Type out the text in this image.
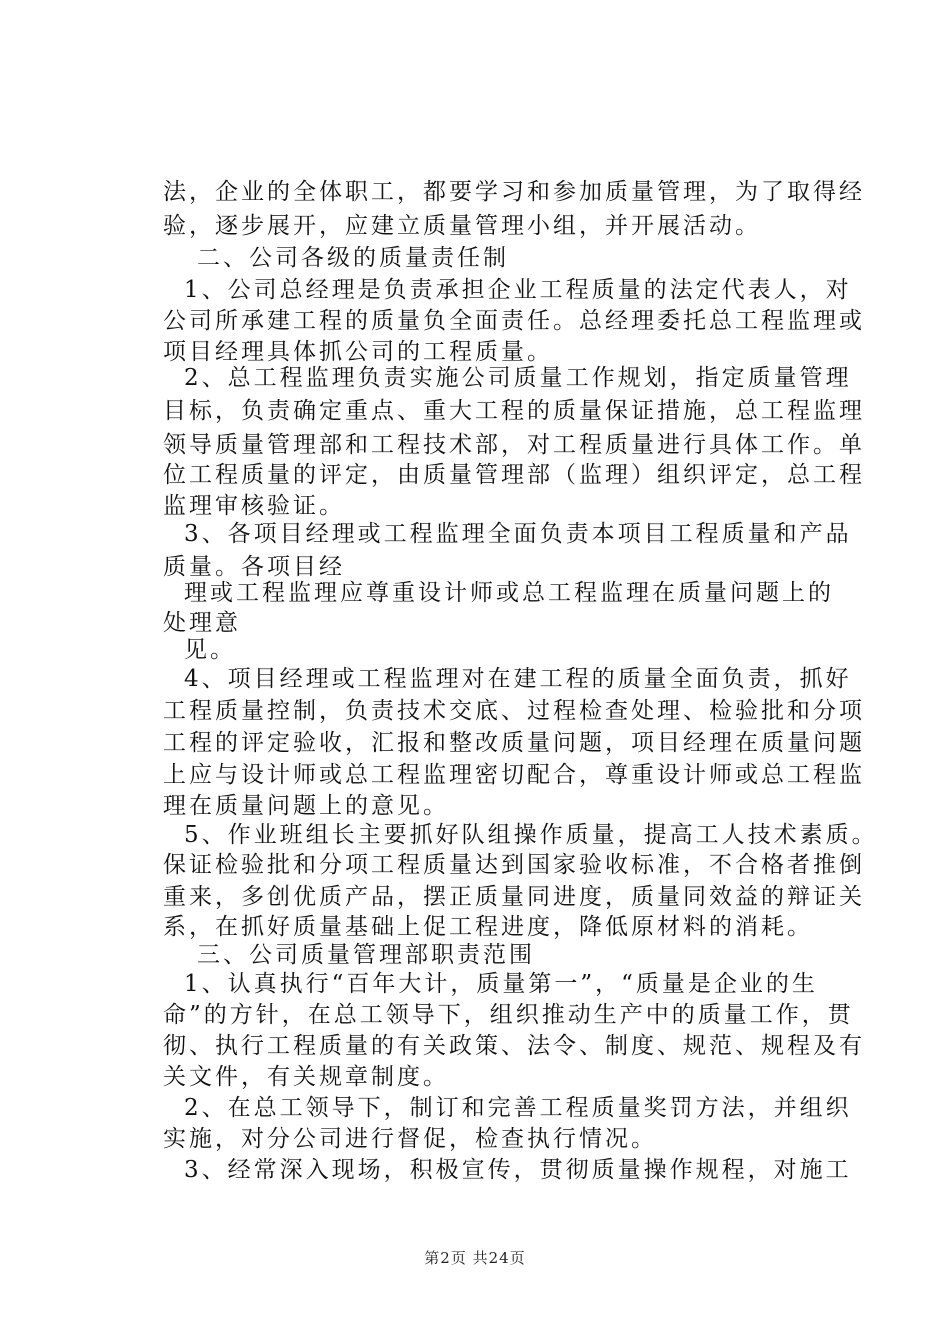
法，企业的全体职工，都要学习和参加质量管理，为了取得经
验，逐步展开，应建立质量管理小组，并开展活动。
二、公司各级的质量责任制
1、公司总经理是负责承担企业工程质量的法定代表人，对
公司所承建工程的质量负全面责任。总经理委托总工程监理或
项目经理具体抓公司的工程质量。
2、总工程监理负责实施公司质量工作规划，指定质量管理
目标，负责确定重点、重大工程的质量保证措施，总工程监理
领导质量管理部和工程技术部，对工程质量进行具体工作。单
位工程质量的评定，由质量管理部（监理）组织评定，总工程
监理审核验证。
3、各项目经理或工程监理全面负责本项目工程质量和产品
质量。各项目经
理或工程监理应尊重设计师或总工程监理在质量问题上的
处理意
见。
4、项目经理或工程监理对在建工程的质量全面负责，抓好
工程质量控制，负责技术交底、过程检查处理、检验批和分项
工程的评定验收，汇报和整改质量问题，项目经理在质量问题
上应与设计师或总工程监理密切配合，尊重设计师或总工程监
理在质量问题上的意见。
5、作业班组长主要抓好队组操作质量，提高工人技术素质。
保证检验批和分项工程质量达到国家验收标准，不合格者推倒
重来，多创优质产品，摆正质量同进度，质量同效益的辩证关
系，在抓好质量基础上促工程进度，降低原材料的消耗。
三、公司质量管理部职责范围
1、认真执行“百年大计，质量第一”，“质量是企业的生
命”的方针，在总工领导下，组织推动生产中的质量工作，贯
彻、执行工程质量的有关政策、法令、制度、规范、规程及有
关文件，有关规章制度。
2、在总工领导下，制订和完善工程质量奖罚方法，并组织
实施，对分公司进行督促，检查执行情况。
3、经常深入现场，积极宣传，贯彻质量操作规程，对施工
第2页 共24页
